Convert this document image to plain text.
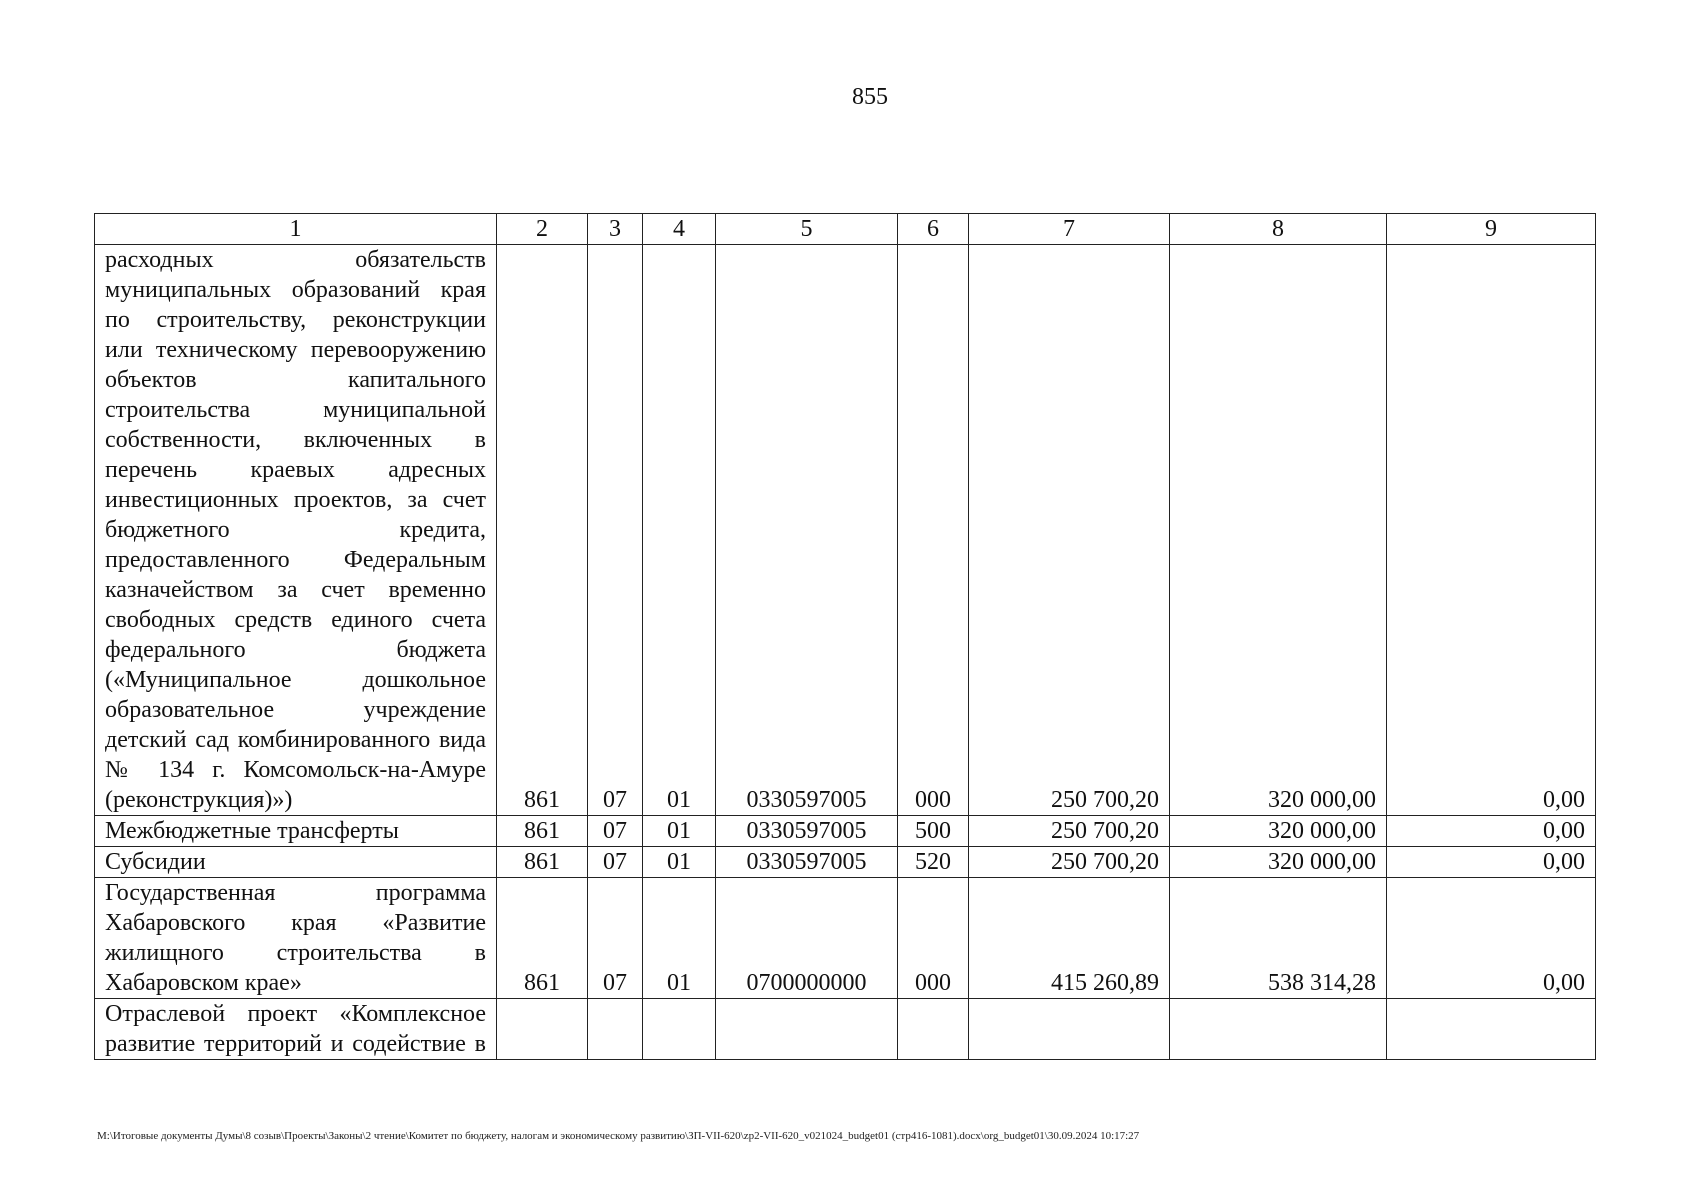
855
1	2	3	4	5	6	7	8	9
расходных обязательств муниципальных образований края по строительству, реконструкции или техническому перевооружению объектов капитального строительства муниципальной собственности, включенных в перечень краевых адресных инвестиционных проектов, за счет бюджетного кредита, предоставленного Федеральным казначейством за счет временно свободных средств единого счета федерального бюджета («Муниципальное дошкольное образовательное учреждение детский сад комбинированного вида № 134 г. Комсомольск-на-Амуре (реконструкция)»)	861	07	01	0330597005	000	250 700,20	320 000,00	0,00
Межбюджетные трансферты	861	07	01	0330597005	500	250 700,20	320 000,00	0,00
Субсидии	861	07	01	0330597005	520	250 700,20	320 000,00	0,00
Государственная программа Хабаровского края «Развитие жилищного строительства в Хабаровском крае»	861	07	01	0700000000	000	415 260,89	538 314,28	0,00
Отраслевой проект «Комплексное развитие территорий и содействие в								
M:\Итоговые документы Думы\8 созыв\Проекты\Законы\2 чтение\Комитет по бюджету, налогам и экономическому развитию\ЗП-VII-620\zp2-VII-620_v021024_budget01 (стр416-1081).docx\org_budget01\30.09.2024 10:17:27
